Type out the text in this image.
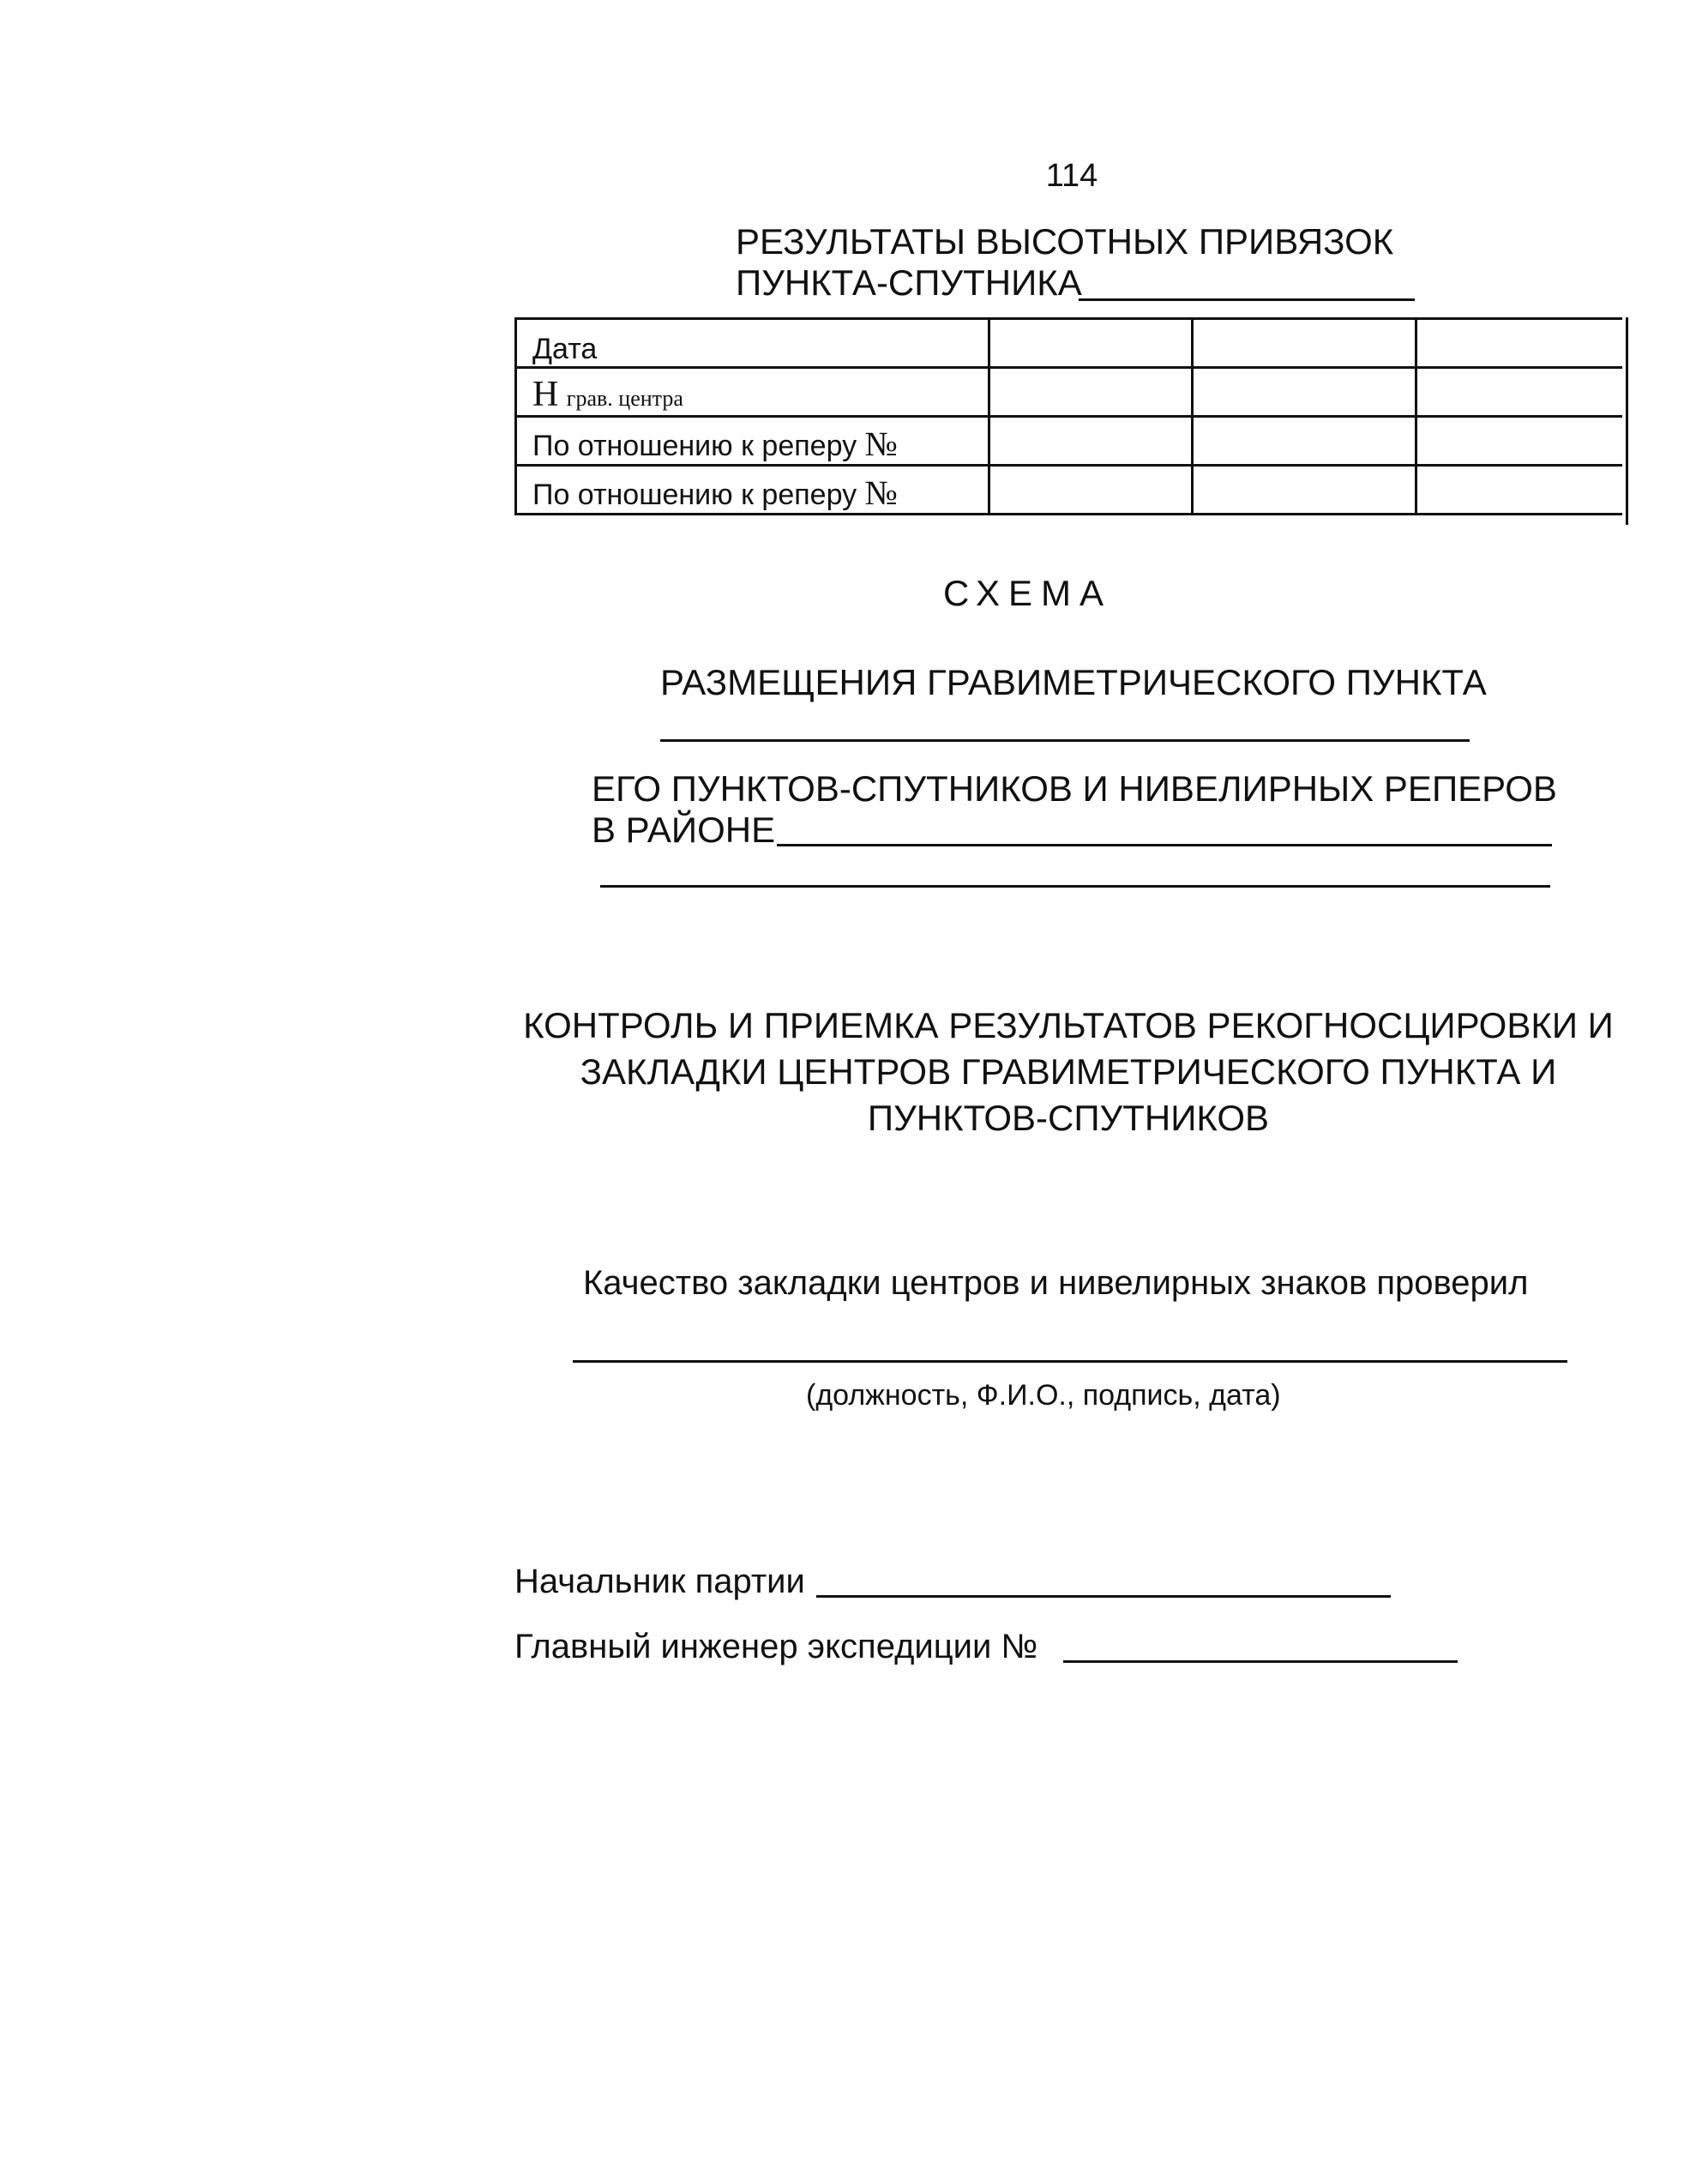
114
РЕЗУЛЬТАТЫ ВЫСОТНЫХ ПРИВЯЗОК
ПУНКТА-СПУТНИКА
Дата			
H грав. центра			
По отношению к реперу №			
По отношению к реперу №			
СХЕМА
РАЗМЕЩЕНИЯ ГРАВИМЕТРИЧЕСКОГО ПУНКТА
ЕГО ПУНКТОВ-СПУТНИКОВ И НИВЕЛИРНЫХ РЕПЕРОВ
В РАЙОНЕ
КОНТРОЛЬ И ПРИЕМКА РЕЗУЛЬТАТОВ РЕКОГНОСЦИРОВКИ И
ЗАКЛАДКИ ЦЕНТРОВ ГРАВИМЕТРИЧЕСКОГО ПУНКТА И
ПУНКТОВ-СПУТНИКОВ
Качество закладки центров и нивелирных знаков проверил
(должность, Ф.И.О., подпись, дата)
Начальник партии
Главный инженер экспедиции №
